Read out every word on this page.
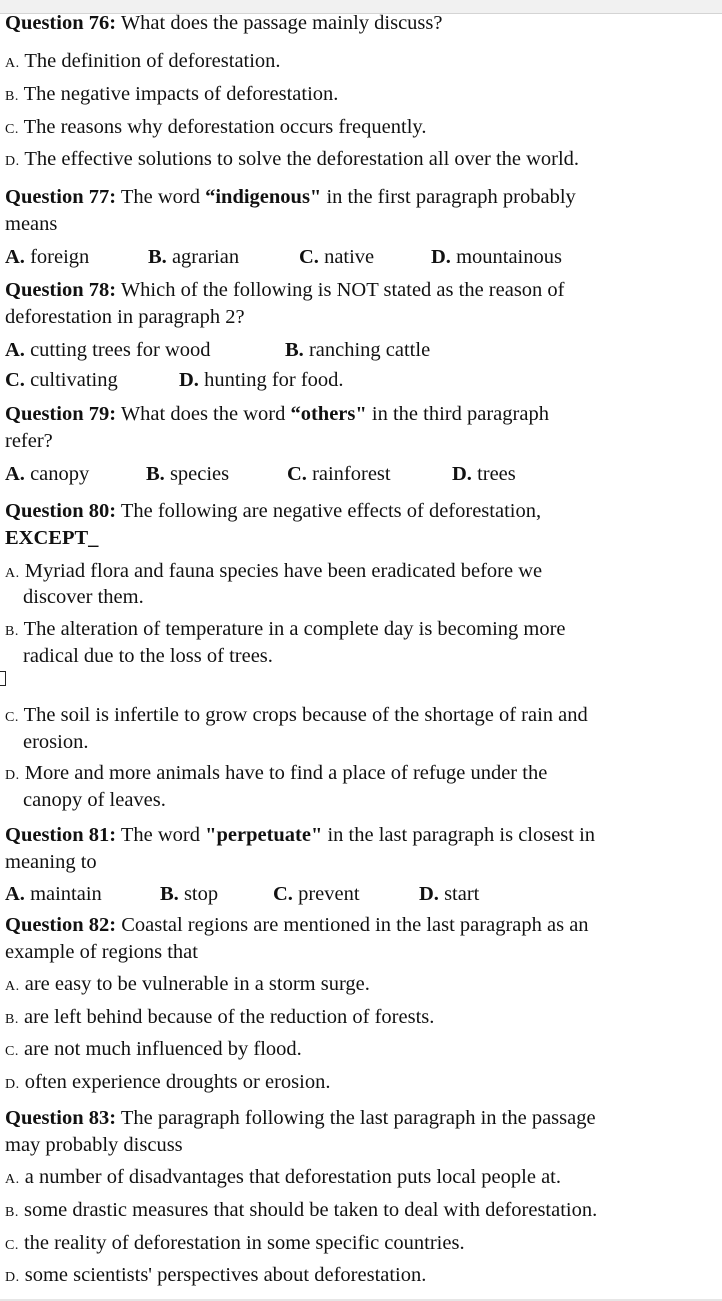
Question 76: What does the passage mainly discuss?
A. The definition of deforestation.
B. The negative impacts of deforestation.
C. The reasons why deforestation occurs frequently.
D. The effective solutions to solve the deforestation all over the world.
Question 77: The word “indigenous" in the first paragraph probably
means
A. foreign	B. agrarian	C. native	D. mountainous
Question 78: Which of the following is NOT stated as the reason of
deforestation in paragraph 2?
A. cutting trees for wood	B. ranching cattle
C. cultivating	D. hunting for food.
Question 79: What does the word “others" in the third paragraph
refer?
A. canopy	B. species	C. rainforest	D. trees
Question 80: The following are negative effects of deforestation,
EXCEPT_
A. Myriad flora and fauna species have been eradicated before we
discover them.
B. The alteration of temperature in a complete day is becoming more
radical due to the loss of trees.
C. The soil is infertile to grow crops because of the shortage of rain and
erosion.
D. More and more animals have to find a place of refuge under the
canopy of leaves.
Question 81: The word "perpetuate" in the last paragraph is closest in
meaning to
A. maintain	B. stop	C. prevent	D. start
Question 82: Coastal regions are mentioned in the last paragraph as an
example of regions that
A. are easy to be vulnerable in a storm surge.
B. are left behind because of the reduction of forests.
C. are not much influenced by flood.
D. often experience droughts or erosion.
Question 83: The paragraph following the last paragraph in the passage
may probably discuss
A. a number of disadvantages that deforestation puts local people at.
B. some drastic measures that should be taken to deal with deforestation.
C. the reality of deforestation in some specific countries.
D. some scientists' perspectives about deforestation.
